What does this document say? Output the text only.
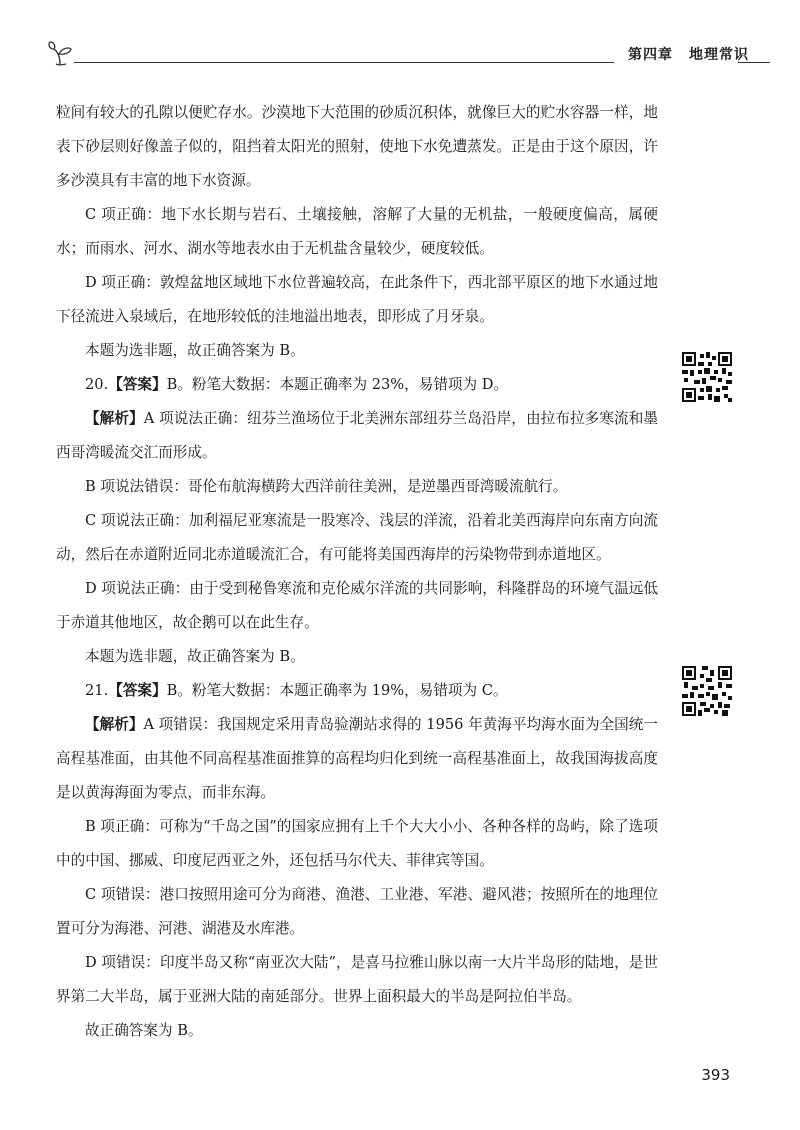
第四章 地理常识

粒间有较大的孔隙以便贮存水。沙漠地下大范围的砂质沉积体，就像巨大的贮水容器一样，地表下砂层则好像盖子似的，阻挡着太阳光的照射，使地下水免遭蒸发。正是由于这个原因，许多沙漠具有丰富的地下水资源。

C 项正确：地下水长期与岩石、土壤接触，溶解了大量的无机盐，一般硬度偏高，属硬水；而雨水、河水、湖水等地表水由于无机盐含量较少，硬度较低。

D 项正确：敦煌盆地区域地下水位普遍较高，在此条件下，西北部平原区的地下水通过地下径流进入泉域后，在地形较低的洼地溢出地表，即形成了月牙泉。

本题为选非题，故正确答案为 B。

20.【答案】B。粉笔大数据：本题正确率为 23%，易错项为 D。

【解析】A 项说法正确：纽芬兰渔场位于北美洲东部纽芬兰岛沿岸，由拉布拉多寒流和墨西哥湾暖流交汇而形成。

B 项说法错误：哥伦布航海横跨大西洋前往美洲，是逆墨西哥湾暖流航行。

C 项说法正确：加利福尼亚寒流是一股寒冷、浅层的洋流，沿着北美西海岸向东南方向流动，然后在赤道附近同北赤道暖流汇合，有可能将美国西海岸的污染物带到赤道地区。

D 项说法正确：由于受到秘鲁寒流和克伦威尔洋流的共同影响，科隆群岛的环境气温远低于赤道其他地区，故企鹅可以在此生存。

本题为选非题，故正确答案为 B。

21.【答案】B。粉笔大数据：本题正确率为 19%，易错项为 C。

【解析】A 项错误：我国规定采用青岛验潮站求得的 1956 年黄海平均海水面为全国统一高程基准面，由其他不同高程基准面推算的高程均归化到统一高程基准面上，故我国海拔高度是以黄海海面为零点，而非东海。

B 项正确：可称为“千岛之国”的国家应拥有上千个大大小小、各种各样的岛屿，除了选项中的中国、挪威、印度尼西亚之外，还包括马尔代夫、菲律宾等国。

C 项错误：港口按照用途可分为商港、渔港、工业港、军港、避风港；按照所在的地理位置可分为海港、河港、湖港及水库港。

D 项错误：印度半岛又称“南亚次大陆”，是喜马拉雅山脉以南一大片半岛形的陆地，是世界第二大半岛，属于亚洲大陆的南延部分。世界上面积最大的半岛是阿拉伯半岛。

故正确答案为 B。

393
